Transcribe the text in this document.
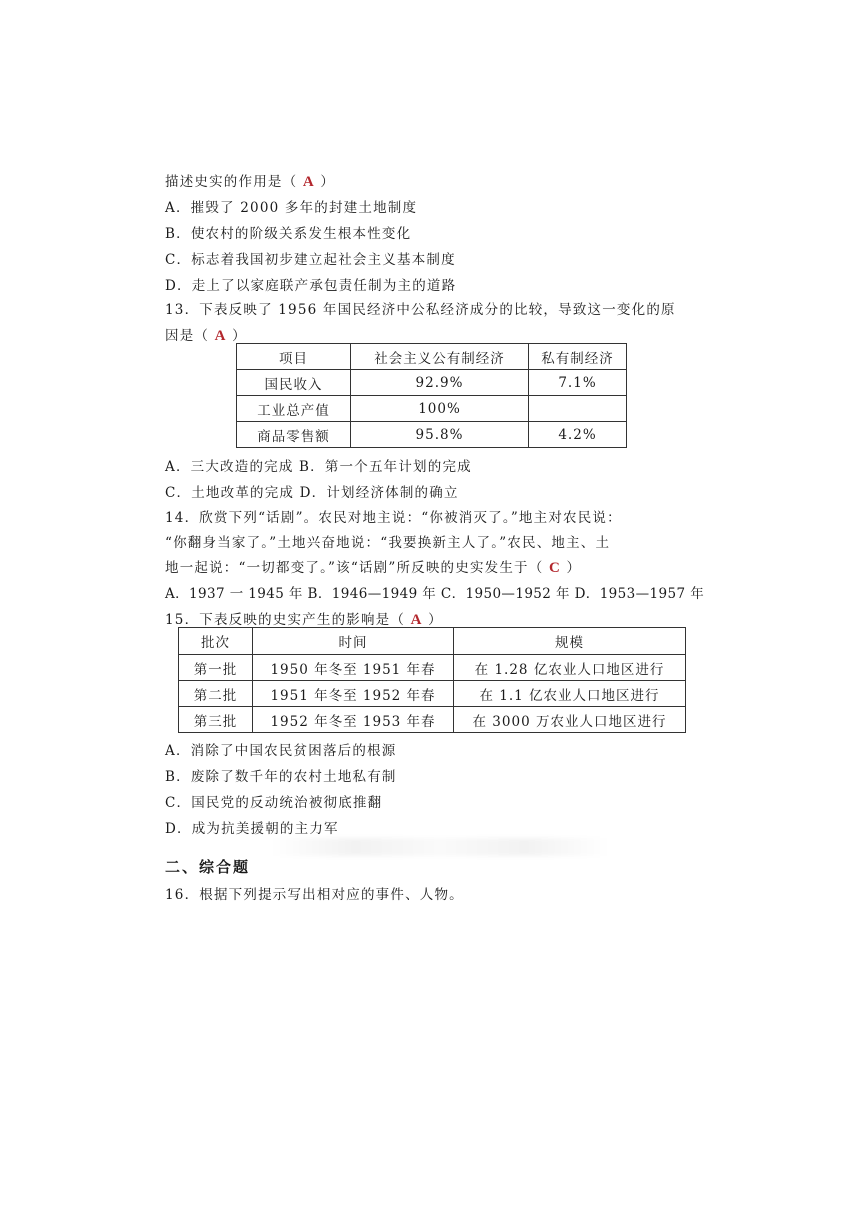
描述史实的作用是（ A ）
A．摧毁了 2000 多年的封建土地制度
B．使农村的阶级关系发生根本性变化
C．标志着我国初步建立起社会主义基本制度
D．走上了以家庭联产承包责任制为主的道路
13．下表反映了 1956 年国民经济中公私经济成分的比较，导致这一变化的原
因是（ A ）
项目	社会主义公有制经济	私有制经济
国民收入	92.9%	7.1%
工业总产值	100%	
商品零售额	95.8%	4.2%
A．三大改造的完成 B．第一个五年计划的完成
C．土地改革的完成 D．计划经济体制的确立
14．欣赏下列“话剧”。农民对地主说：“你被消灭了。”地主对农民说：
“你翻身当家了。”土地兴奋地说：“我要换新主人了。”农民、地主、土
地一起说：“一切都变了。”该“话剧”所反映的史实发生于（ C ）
A．1937 一 1945 年 B．1946—1949 年 C．1950—1952 年 D．1953—1957 年
15．下表反映的史实产生的影响是（ A ）
批次	时间	规模
第一批	1950 年冬至 1951 年春	在 1.28 亿农业人口地区进行
第二批	1951 年冬至 1952 年春	在 1.1 亿农业人口地区进行
第三批	1952 年冬至 1953 年春	在 3000 万农业人口地区进行
A．消除了中国农民贫困落后的根源
B．废除了数千年的农村土地私有制
C．国民党的反动统治被彻底推翻
D．成为抗美援朝的主力军
二、综合题
16．根据下列提示写出相对应的事件、人物。
